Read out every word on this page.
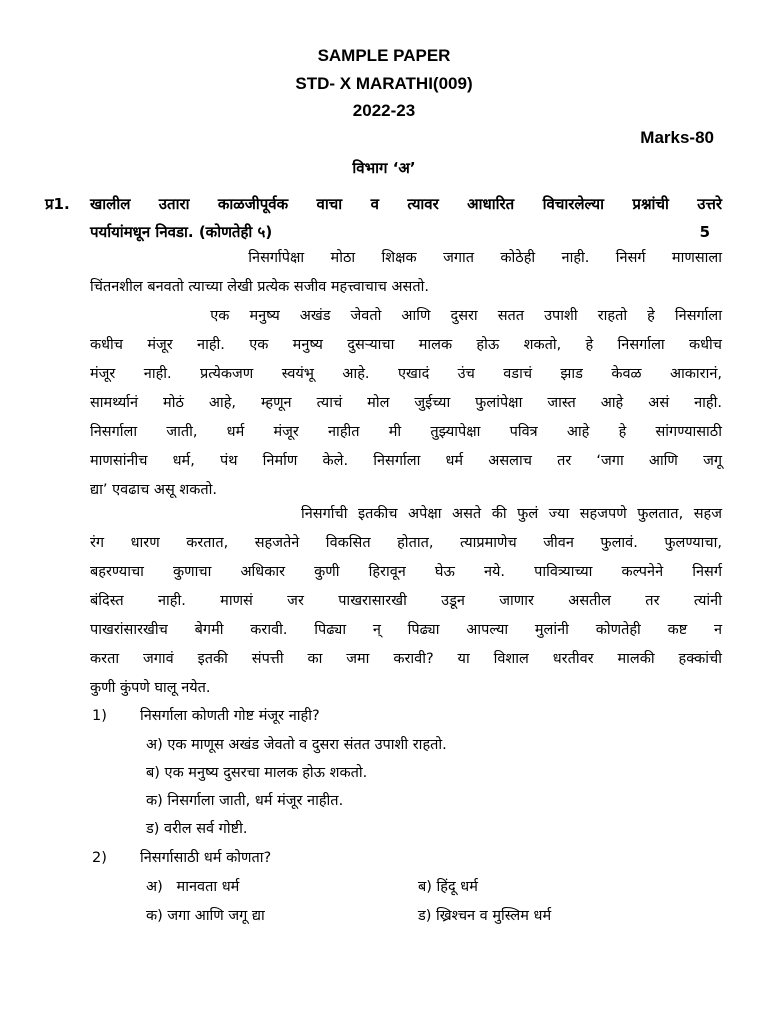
SAMPLE PAPER
STD- X MARATHI(009)
2022-23
Marks-80
विभाग ‘अ’
प्र1. खालील उतारा काळजीपूर्वक वाचा व त्यावर आधारित विचारलेल्या प्रश्नांची उत्तरे
पर्यायांमधून निवडा. (कोणतेही ५)	5
निसर्गापेक्षा मोठा शिक्षक जगात कोठेही नाही. निसर्ग माणसाला
चिंतनशील बनवतो त्याच्या लेखी प्रत्येक सजीव महत्त्वाचाच असतो.
एक मनुष्य अखंड जेवतो आणि दुसरा सतत उपाशी राहतो हे निसर्गाला
कधीच मंजूर नाही. एक मनुष्य दुसऱ्याचा मालक होऊ शकतो, हे निसर्गाला कधीच
मंजूर नाही. प्रत्येकजण स्वयंभू आहे. एखादं उंच वडाचं झाड केवळ आकारानं,
सामर्थ्यानं मोठं आहे, म्हणून त्याचं मोल जुईच्या फुलांपेक्षा जास्त आहे असं नाही.
निसर्गाला जाती, धर्म मंजूर नाहीत मी तुझ्यापेक्षा पवित्र आहे हे सांगण्यासाठी
माणसांनीच धर्म, पंथ निर्माण केले. निसर्गाला धर्म असलाच तर ‘जगा आणि जगू
द्या’ एवढाच असू शकतो.
निसर्गाची इतकीच अपेक्षा असते की फुलं ज्या सहजपणे फुलतात, सहज
रंग धारण करतात, सहजतेने विकसित होतात, त्याप्रमाणेच जीवन फुलावं. फुलण्याचा,
बहरण्याचा कुणाचा अधिकार कुणी हिरावून घेऊ नये. पावित्र्याच्या कल्पनेने निसर्ग
बंदिस्त नाही. माणसं जर पाखरासारखी उडून जाणार असतील तर त्यांनी
पाखरांसारखीच बेगमी करावी. पिढ्या न् पिढ्या आपल्या मुलांनी कोणतेही कष्ट न
करता जगावं इतकी संपत्ती का जमा करावी? या विशाल धरतीवर मालकी हक्कांची
कुणी कुंपणे घालू नयेत.
1) निसर्गाला कोणती गोष्ट मंजूर नाही?
अ) एक माणूस अखंड जेवतो व दुसरा संतत उपाशी राहतो.
ब) एक मनुष्य दुसरचा मालक होऊ शकतो.
क) निसर्गाला जाती, धर्म मंजूर नाहीत.
ड) वरील सर्व गोष्टी.
2) निसर्गासाठी धर्म कोणता?
अ)   मानवता धर्म	ब) हिंदू धर्म
क) जगा आणि जगू द्या	ड) ख्रिश्चन व मुस्लिम धर्म
